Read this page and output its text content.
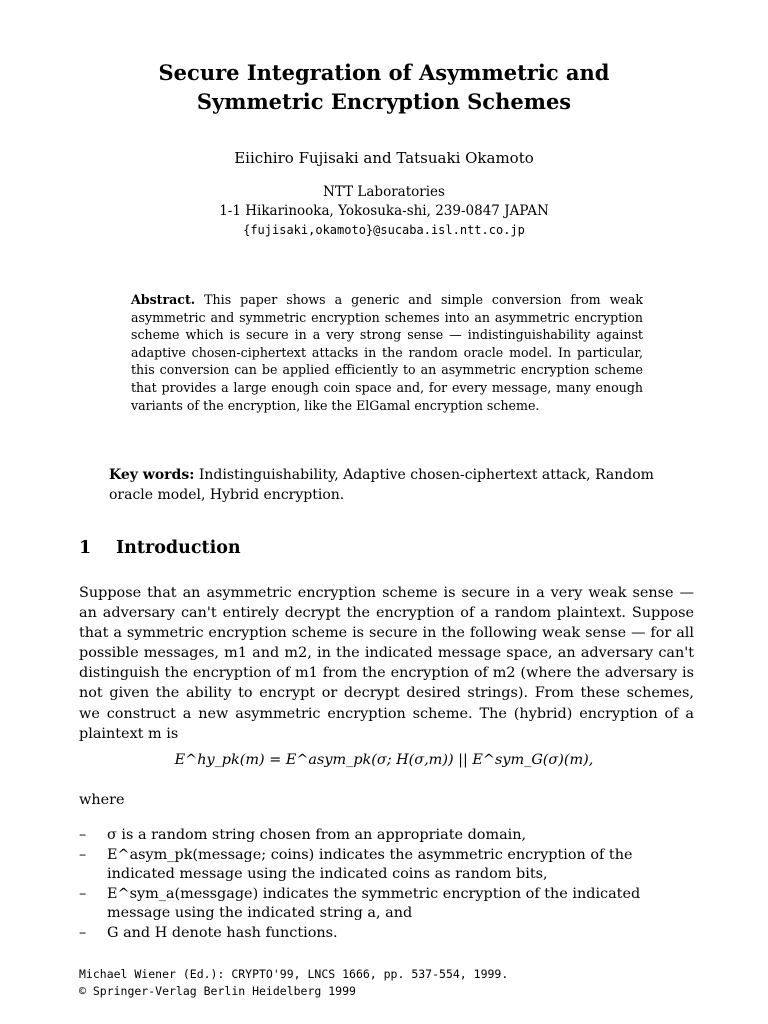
Secure Integration of Asymmetric and
Symmetric Encryption Schemes
Eiichiro Fujisaki and Tatsuaki Okamoto
NTT Laboratories
1-1 Hikarinooka, Yokosuka-shi, 239-0847 JAPAN
{fujisaki,okamoto}@sucaba.isl.ntt.co.jp
Abstract. This paper shows a generic and simple conversion from weak asymmetric and symmetric encryption schemes into an asymmetric encryption scheme which is secure in a very strong sense — indistinguishability against adaptive chosen-ciphertext attacks in the random oracle model. In particular, this conversion can be applied efficiently to an asymmetric encryption scheme that provides a large enough coin space and, for every message, many enough variants of the encryption, like the ElGamal encryption scheme.
Key words: Indistinguishability, Adaptive chosen-ciphertext attack, Random oracle model, Hybrid encryption.
1 Introduction
Suppose that an asymmetric encryption scheme is secure in a very weak sense — an adversary can't entirely decrypt the encryption of a random plaintext. Suppose that a symmetric encryption scheme is secure in the following weak sense — for all possible messages, m1 and m2, in the indicated message space, an adversary can't distinguish the encryption of m1 from the encryption of m2 (where the adversary is not given the ability to encrypt or decrypt desired strings). From these schemes, we construct a new asymmetric encryption scheme. The (hybrid) encryption of a plaintext m is
E^hy_pk(m) = E^asym_pk(σ; H(σ,m)) || E^sym_G(σ)(m),
where
– σ is a random string chosen from an appropriate domain,
– E^asym_pk(message; coins) indicates the asymmetric encryption of the indicated message using the indicated coins as random bits,
– E^sym_a(messgage) indicates the symmetric encryption of the indicated message using the indicated string a, and
– G and H denote hash functions.
Michael Wiener (Ed.): CRYPTO'99, LNCS 1666, pp. 537-554, 1999.
© Springer-Verlag Berlin Heidelberg 1999
